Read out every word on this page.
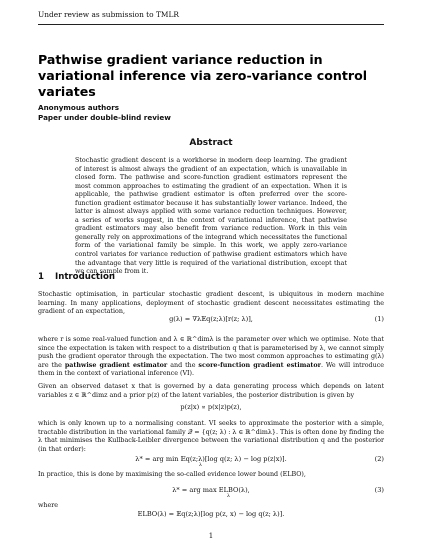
Under review as submission to TMLR
Pathwise gradient variance reduction in variational inference via zero-variance control variates
Anonymous authors
Paper under double-blind review
Abstract
Stochastic gradient descent is a workhorse in modern deep learning. The gradient of interest is almost always the gradient of an expectation, which is unavailable in closed form. The pathwise and score-function gradient estimators represent the most common approaches to estimating the gradient of an expectation. When it is applicable, the pathwise gradient estimator is often preferred over the score-function gradient estimator because it has substantially lower variance. Indeed, the latter is almost always applied with some variance reduction techniques. However, a series of works suggest, in the context of variational inference, that pathwise gradient estimators may also benefit from variance reduction. Work in this vein generally rely on approximations of the integrand which necessitates the functional form of the variational family be simple. In this work, we apply zero-variance control variates for variance reduction of pathwise gradient estimators which have the advantage that very little is required of the variational distribution, except that we can sample from it.
1 Introduction
Stochastic optimisation, in particular stochastic gradient descent, is ubiquitous in modern machine learning. In many applications, deployment of stochastic gradient descent necessitates estimating the gradient of an expectation,
g(λ) = ∇λ𝔼q(z;λ)[r(z; λ)],	(1)
where r is some real-valued function and λ ∈ ℝ^dimλ is the parameter over which we optimise. Note that since the expectation is taken with respect to a distribution q that is parameterised by λ, we cannot simply push the gradient operator through the expectation. The two most common approaches to estimating g(λ) are the pathwise gradient estimator and the score-function gradient estimator. We will introduce them in the context of variational inference (VI).
Given an observed dataset x that is governed by a data generating process which depends on latent variables z ∈ ℝ^dimz and a prior p(z) of the latent variables, the posterior distribution is given by
p(z|x) ∝ p(x|z)p(z),
which is only known up to a normalising constant. VI seeks to approximate the posterior with a simple, tractable distribution in the variational family 𝒬 = {q(z; λ) : λ ∈ ℝ^dimλ}. This is often done by finding the λ that minimises the Kullback-Leibler divergence between the variational distribution q and the posterior (in that order):
λ* = arg min 𝔼q(z;λ)[log q(z; λ) − log p(z|x)].
λ
(2)
In practice, this is done by maximising the so-called evidence lower bound (ELBO),
λ* = arg max ELBO(λ),
λ
(3)
where
ELBO(λ) = 𝔼q(z;λ)[log p(z, x) − log q(z; λ)].
1
